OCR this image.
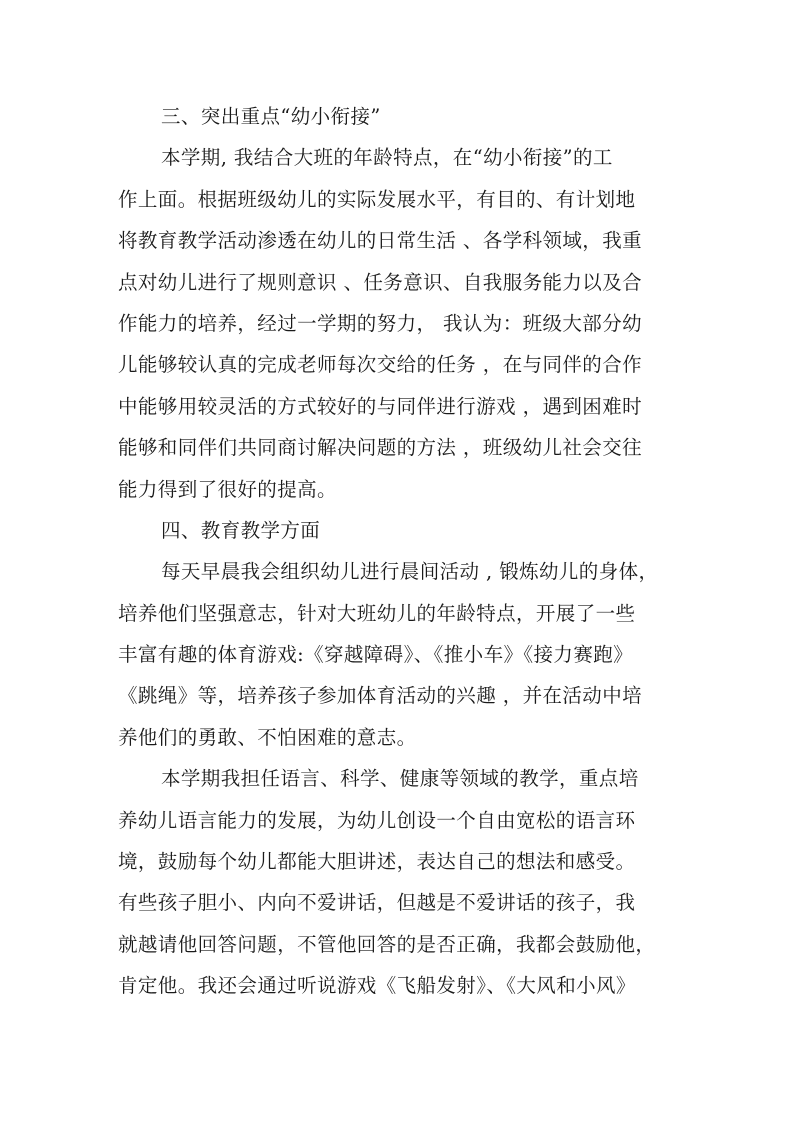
三、突出重点“幼小衔接”
本学期, 我结合大班的年龄特点，在“幼小衔接”的工
作上面。根据班级幼儿的实际发展水平，有目的、有计划地
将教育教学活动渗透在幼儿的日常生活 、各学科领域，我重
点对幼儿进行了规则意识 、任务意识、自我服务能力以及合
作能力的培养，经过一学期的努力， 我认为：班级大部分幼
儿能够较认真的完成老师每次交给的任务 ，在与同伴的合作
中能够用较灵活的方式较好的与同伴进行游戏 ，遇到困难时
能够和同伴们共同商讨解决问题的方法 ，班级幼儿社会交往
能力得到了很好的提高。
四、教育教学方面
每天早晨我会组织幼儿进行晨间活动 , 锻炼幼儿的身体，
培养他们坚强意志，针对大班幼儿的年龄特点，开展了一些
丰富有趣的体育游戏:《穿越障碍》、《推小车》《接力赛跑》
《跳绳》等，培养孩子参加体育活动的兴趣 ，并在活动中培
养他们的勇敢、不怕困难的意志。
本学期我担任语言、科学、健康等领域的教学，重点培
养幼儿语言能力的发展，为幼儿创设一个自由宽松的语言环
境，鼓励每个幼儿都能大胆讲述，表达自己的想法和感受。
有些孩子胆小、内向不爱讲话，但越是不爱讲话的孩子，我
就越请他回答问题，不管他回答的是否正确，我都会鼓励他，
肯定他。我还会通过听说游戏《飞船发射》、《大风和小风》
